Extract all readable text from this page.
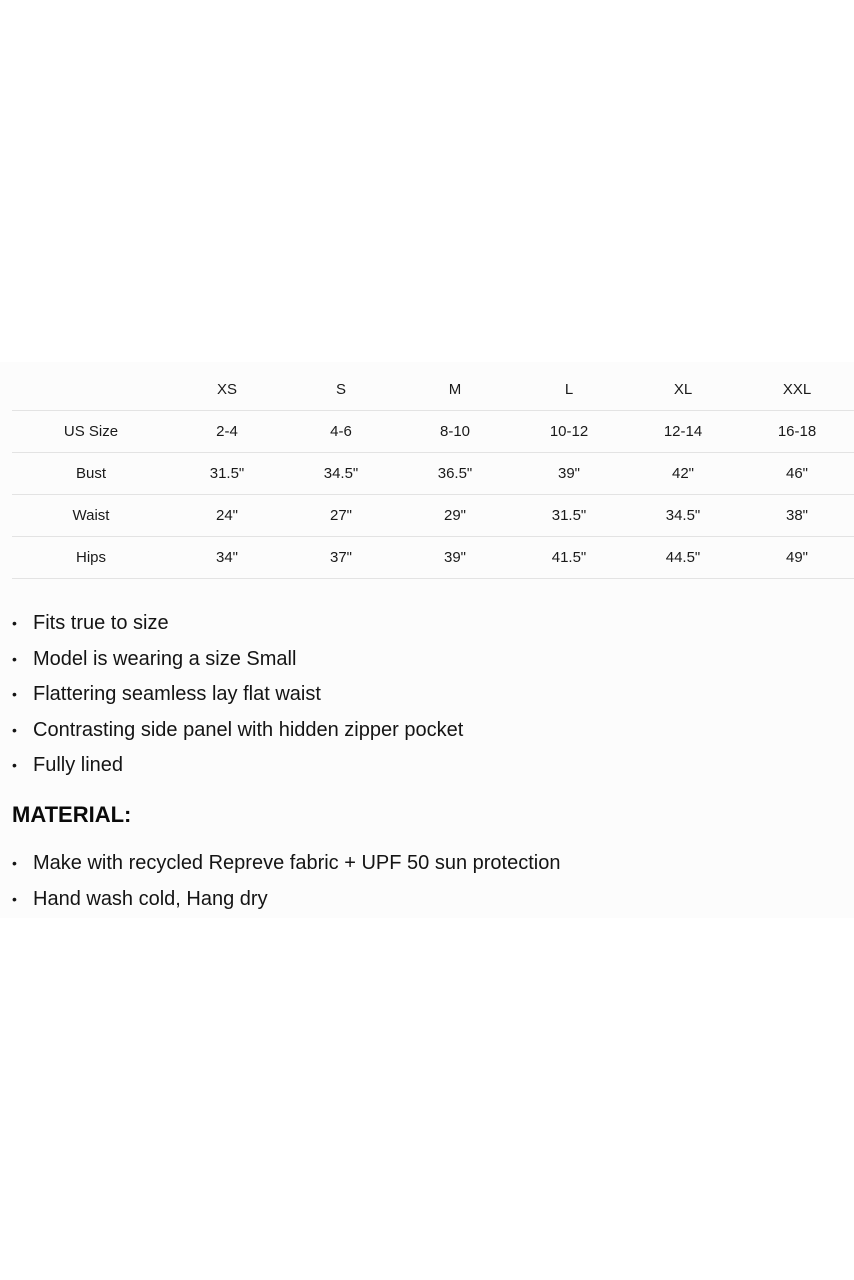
	XS	S	M	L	XL	XXL
US Size	2-4	4-6	8-10	10-12	12-14	16-18
Bust	31.5"	34.5"	36.5"	39"	42"	46"
Waist	24"	27"	29"	31.5"	34.5"	38"
Hips	34"	37"	39"	41.5"	44.5"	49"
• Fits true to size
• Model is wearing a size Small
• Flattering seamless lay flat waist
• Contrasting side panel with hidden zipper pocket
• Fully lined
MATERIAL:
• Make with recycled Repreve fabric + UPF 50 sun protection
• Hand wash cold, Hang dry
